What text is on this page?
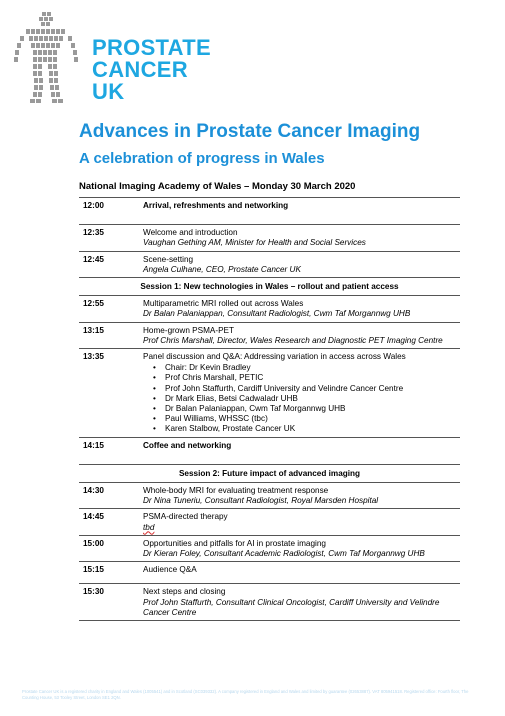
PROSTATE
CANCER UK
Advances in Prostate Cancer Imaging
A celebration of progress in Wales
National Imaging Academy of Wales – Monday 30 March 2020
12:00	Arrival, refreshments and networking
12:35	Welcome and introduction
Vaughan Gething AM, Minister for Health and Social Services
12:45	Scene-setting
Angela Culhane, CEO, Prostate Cancer UK
Session 1: New technologies in Wales – rollout and patient access
12:55	Multiparametric MRI rolled out across Wales
Dr Balan Palaniappan, Consultant Radiologist, Cwm Taf Morgannwg UHB
13:15	Home-grown PSMA-PET
Prof Chris Marshall, Director, Wales Research and Diagnostic PET Imaging Centre
13:35	Panel discussion and Q&A: Addressing variation in access across Wales
• Chair: Dr Kevin Bradley
• Prof Chris Marshall, PETIC
• Prof John Staffurth, Cardiff University and Velindre Cancer Centre
• Dr Mark Elias, Betsi Cadwaladr UHB
• Dr Balan Palaniappan, Cwm Taf Morgannwg UHB
• Paul Williams, WHSSC (tbc)
• Karen Stalbow, Prostate Cancer UK
14:15	Coffee and networking
Session 2: Future impact of advanced imaging
14:30	Whole-body MRI for evaluating treatment response
Dr Nina Tuneriu, Consultant Radiologist, Royal Marsden Hospital
14:45	PSMA-directed therapy
tbd
15:00	Opportunities and pitfalls for AI in prostate imaging
Dr Kieran Foley, Consultant Academic Radiologist, Cwm Taf Morgannwg UHB
15:15	Audience Q&A
15:30	Next steps and closing
Prof John Staffurth, Consultant Clinical Oncologist, Cardiff University and Velindre Cancer Centre
Prostate Cancer UK is a registered charity in England and Wales (1005541) and in Scotland (SC039332). A company registered in England and Wales and limited by guarantee (02653887). VAT 805941518. Registered office: Fourth floor, The Counting House, 53 Tooley Street, London SE1 2QN.
